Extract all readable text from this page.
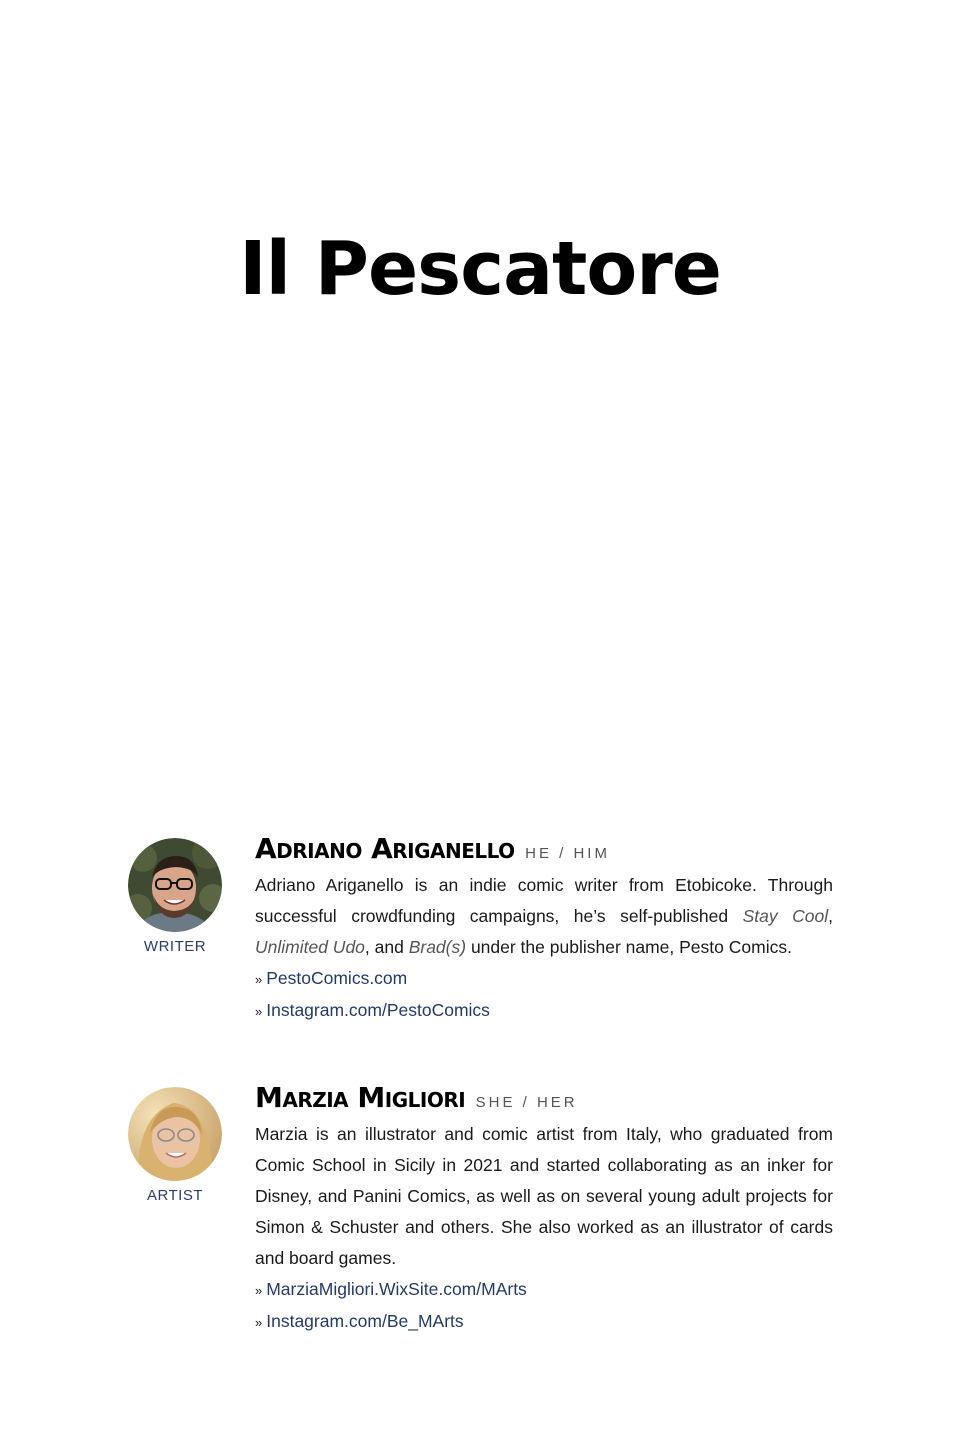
Il Pescatore
WRITER
Adriano Ariganello HE / HIM

Adriano Ariganello is an indie comic writer from Etobicoke. Through successful crowdfunding campaigns, he’s self-published Stay Cool, Unlimited Udo, and Brad(s) under the publisher name, Pesto Comics.

» PestoComics.com
» Instagram.com/PestoComics
ARTIST
Marzia Migliori SHE / HER

Marzia is an illustrator and comic artist from Italy, who graduated from Comic School in Sicily in 2021 and started collaborating as an inker for Disney, and Panini Comics, as well as on several young adult projects for Simon & Schuster and others. She also worked as an illustrator of cards and board games.

» MarziaMigliori.WixSite.com/MArts
» Instagram.com/Be_MArts
